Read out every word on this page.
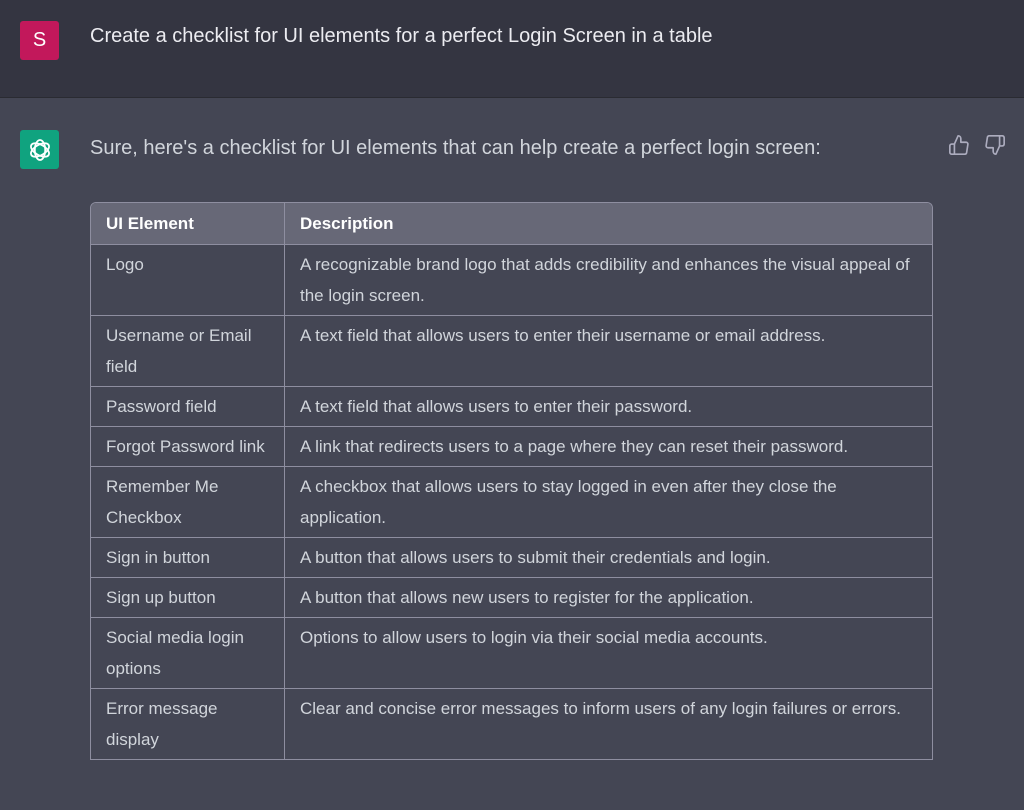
S	Create a checklist for UI elements for a perfect Login Screen in a table
Sure, here's a checklist for UI elements that can help create a perfect login screen:
UI Element	Description
Logo	A recognizable brand logo that adds credibility and enhances the visual appeal of the login screen.
Username or Email field	A text field that allows users to enter their username or email address.
Password field	A text field that allows users to enter their password.
Forgot Password link	A link that redirects users to a page where they can reset their password.
Remember Me Checkbox	A checkbox that allows users to stay logged in even after they close the application.
Sign in button	A button that allows users to submit their credentials and login.
Sign up button	A button that allows new users to register for the application.
Social media login options	Options to allow users to login via their social media accounts.
Error message display	Clear and concise error messages to inform users of any login failures or errors.
